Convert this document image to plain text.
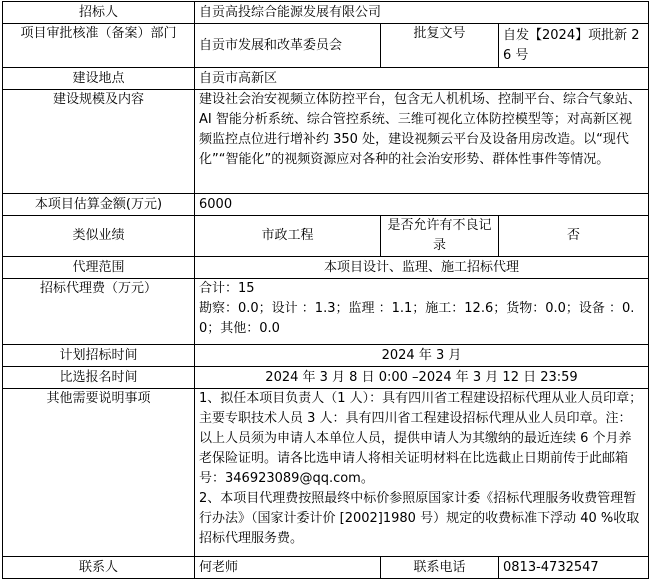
招标人	自贡高投综合能源发展有限公司		
项目审批核准（备案）部门	自贡市发展和改革委员会	批复文号	自发【2024】项批新 26 号
建设地点	自贡市高新区		
建设规模及内容	建设社会治安视频立体防控平台，包含无人机机场、控制平台、综合气象站、AI 智能分析系统、综合管控系统、三维可视化立体防控模型等；对高新区视频监控点位进行增补约 350 处，建设视频云平台及设备用房改造。以“现代化”“智能化”的视频资源应对各种的社会治安形势、群体性事件等情况。		
本项目估算金额(万元)	6000		
类似业绩	市政工程	是否允许有不良记录	否
代理范围	本项目设计、监理、施工招标代理		
招标代理费（万元）	合计：15
勘察：0.0；设计 ：1.3；监理 ：1.1；施工：12.6；货物：0.0；设备 ：0.0；其他：0.0		

计划招标时间	2024 年 3 月		
比选报名时间	2024 年 3 月 8 日 0:00 –2024 年 3 月 12 日 23:59		
其他需要说明事项	1、拟任本项目负责人（1 人）：具有四川省工程建设招标代理从业人员印章；主要专职技术人员 3 人：具有四川省工程建设招标代理从业人员印章。注：以上人员须为申请人本单位人员，提供申请人为其缴纳的最近连续 6 个月养老保险证明。请各比选申请人将相关证明材料在比选截止日期前传于此邮箱号：346923089@qq.com。
2、本项目代理费按照最终中标价参照原国家计委《招标代理服务收费管理暂行办法》（国家计委计价 [2002]1980 号）规定的收费标准下浮动 40 %收取招标代理服务费。		

联系人	何老师	联系电话	0813-4732547
